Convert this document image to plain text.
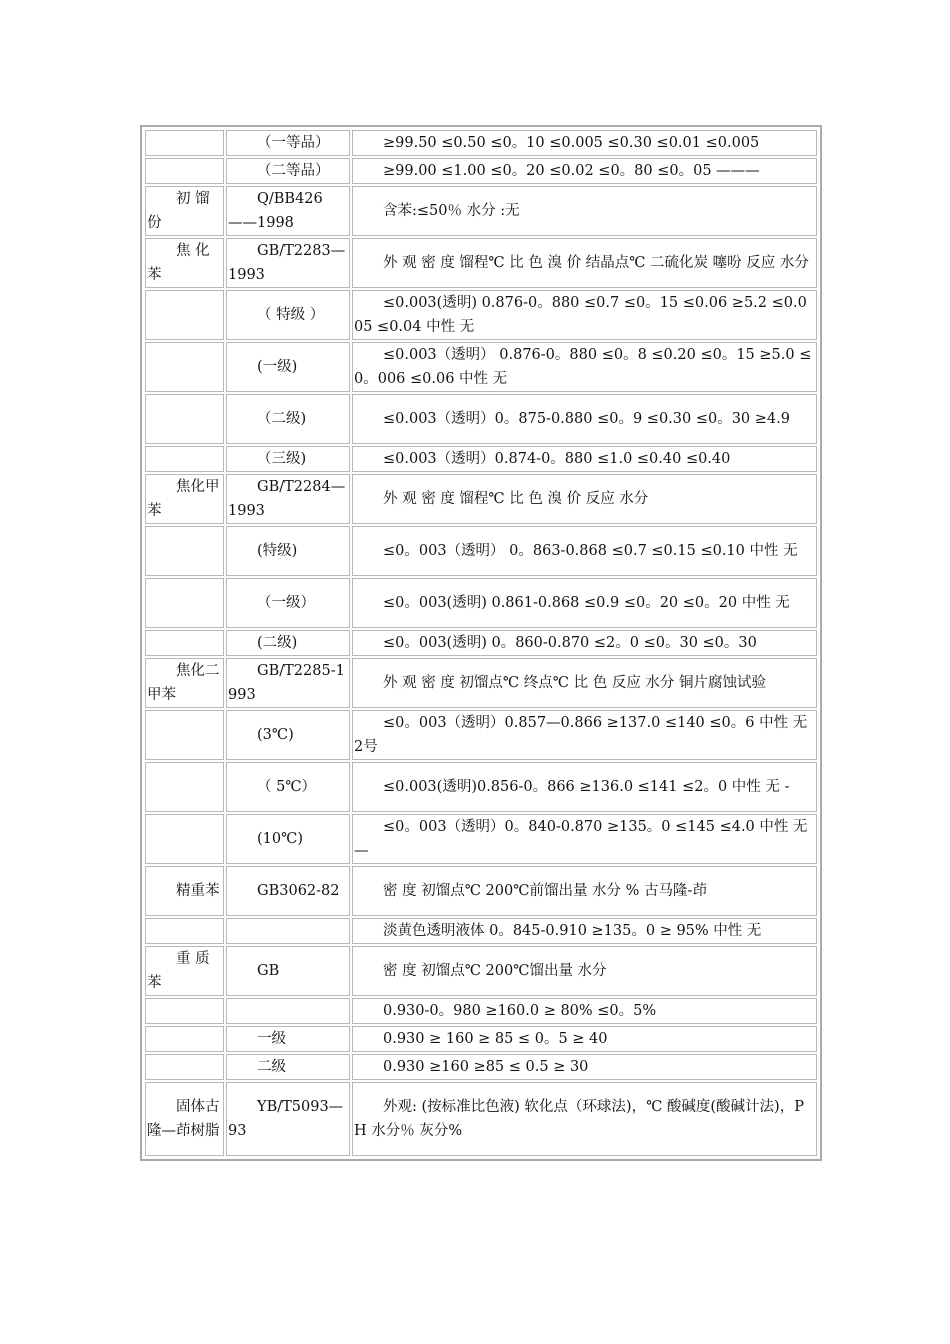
	（一等品）	≥99.50 ≤0.50 ≤0。10 ≤0.005 ≤0.30 ≤0.01 ≤0.005
	（二等品）	≥99.00 ≤1.00 ≤0。20 ≤0.02 ≤0。80 ≤0。05 ———
初 馏份	Q/BB426——1998	含苯:≤50％ 水分 :无
焦 化苯	GB/T2283—1993	外 观 密 度 馏程℃ 比 色 溴 价 结晶点℃ 二硫化炭 噻吩 反应 水分
	（ 特级 ）	≤0.003(透明) 0.876-0。880 ≤0.7 ≤0。15 ≤0.06 ≥5.2 ≤0.005 ≤0.04 中性 无
	(一级)	≤0.003（透明） 0.876-0。880 ≤0。8 ≤0.20 ≤0。15 ≥5.0 ≤0。006 ≤0.06 中性 无
	（二级)	≤0.003（透明）0。875-0.880 ≤0。9 ≤0.30 ≤0。30 ≥4.9
	（三级)	≤0.003（透明）0.874-0。880 ≤1.0 ≤0.40 ≤0.40
焦化甲苯	GB/T2284—1993	外 观 密 度 馏程℃ 比 色 溴 价 反应 水分
	(特级)	≤0。003（透明） 0。863-0.868 ≤0.7 ≤0.15 ≤0.10 中性 无
	（一级）	≤0。003(透明) 0.861-0.868 ≤0.9 ≤0。20 ≤0。20 中性 无
	(二级)	≤0。003(透明) 0。860-0.870 ≤2。0 ≤0。30 ≤0。30
焦化二甲苯	GB/T2285-1993	外 观 密 度 初馏点℃ 终点℃ 比 色 反应 水分 铜片腐蚀试验
	(3℃)	≤0。003（透明）0.857—0.866 ≥137.0 ≤140 ≤0。6 中性 无 2号
	（ 5℃）	≤0.003(透明)0.856-0。866 ≥136.0 ≤141 ≤2。0 中性 无 -
	(10℃)	≤0。003（透明）0。840-0.870 ≥135。0 ≤145 ≤4.0 中性 无 —
精重苯	GB3062-82	密 度 初馏点℃ 200℃前馏出量 水分 % 古马隆-茚
		淡黄色透明液体 0。845-0.910 ≥135。0 ≥ 95% 中性 无
重 质苯	GB	密 度 初馏点℃ 200℃馏出量 水分
		0.930-0。980 ≥160.0 ≥ 80% ≤0。5%
	一级	0.930 ≥ 160 ≥ 85 ≤ 0。5 ≥ 40
	二级	0.930 ≥160 ≥85 ≤ 0.5 ≥ 30
固体古隆—茚树脂	YB/T5093—93	外观: (按标准比色液) 软化点（环球法)，℃ 酸碱度(酸碱计法)，PH 水分％ 灰分%
